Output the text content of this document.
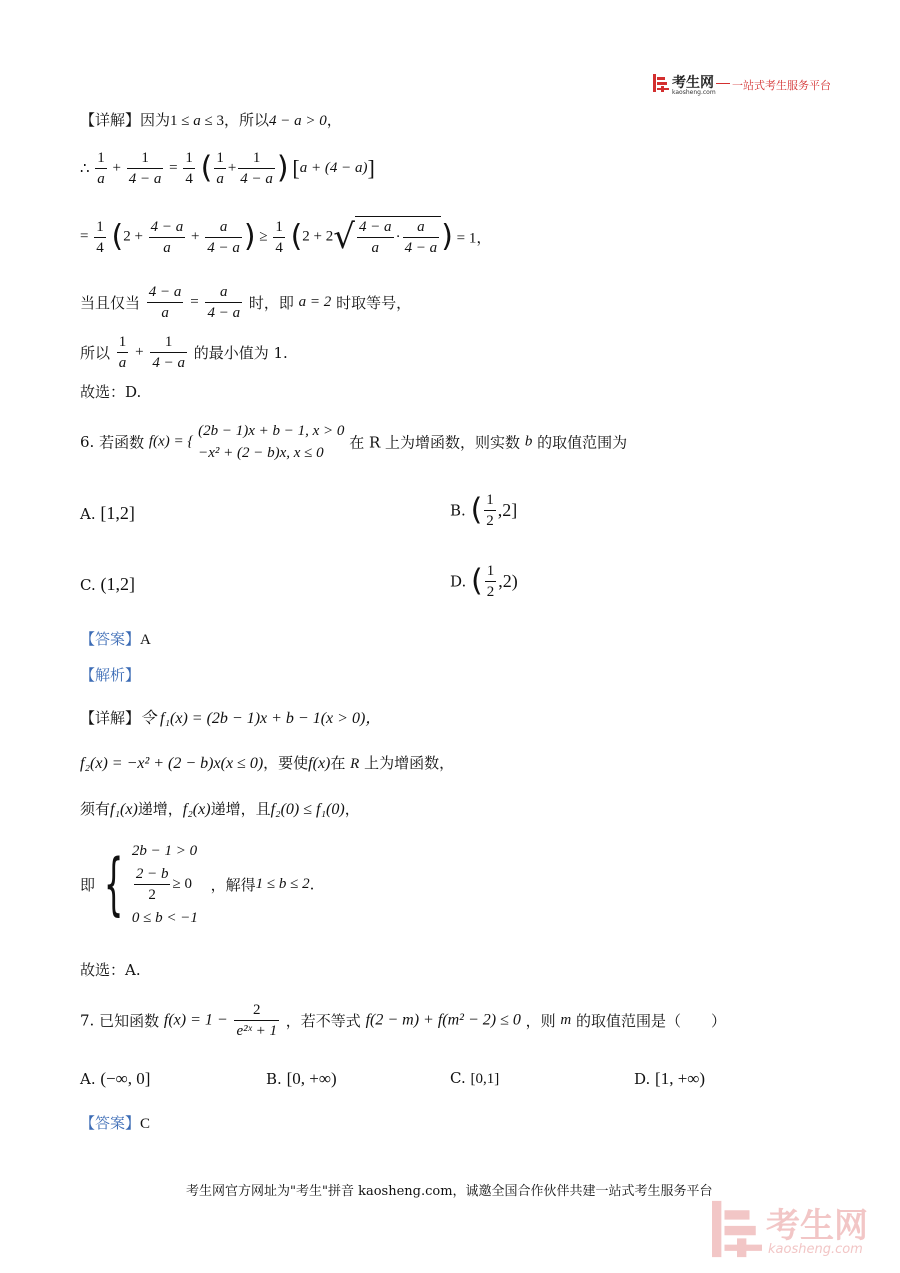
考生网
kaosheng.com
一站式考生服务平台
【详解】因为1 ≤ a ≤ 3，所以4 − a > 0，
∴ $\frac{1}{a} + \frac{1}{4 - a} = \frac{1}{4}$ ( $\frac{1}{a} + \frac{1}{4 - a}$ ) [a + (4 − a)]
= $\frac{1}{4} (2 + \frac{4 - a}{a} + \frac{a}{4 - a}$ ) ≥ $\frac{1}{4} (2 + 2√ \frac{4 - a}{a} \cdot \frac{a}{4 - a}$ ) = 1，
当且仅当 $\frac{4 - a}{a} = \frac{a}{4 - a}$ 时，即 a = 2 时取等号，
所以 $\frac{1}{a} + \frac{1}{4 - a}$ 的最小值为 1.
故选：D.
6. 若函数 f(x) = {
(2b − 1)x + b − 1, x > 0
−x² + (2 − b)x, x ≤ 0
在 R 上为增函数，则实数 b 的取值范围为
A. [1,2]	B. ( $\frac{1}{2} ,2$]
C. (1,2]	D. ( $\frac{1}{2} ,2$)
【答案】A
【解析】
【详解】令 f₁(x) = (2b − 1)x + b − 1(x > 0)，
f₂(x) = −x² + (2 − b)x(x ≤ 0)，要使f(x)在 R 上为增函数，
须有f₁(x)递增，f₂(x)递增，且f₂(0) ≤ f₁(0)，
即 { 2b − 1 > 0
$\frac{2 - b}{2} \ge 0$
0 ≤ b < −1
，解得1 ≤ b ≤ 2.
故选：A.
7. 已知函数 $f(x) = 1 - \frac{2}{\text{e²ˣ + 1}}$ ，若不等式 f(2 − m) + f(m² − 2) ≤ 0 ，则 m 的取值范围是（　　）
A. (−∞, 0]	B. [0, +∞)	C. [0,1]	D. [1, +∞)
【答案】C
考生网官方网址为"考生"拼音 kaosheng.com，诚邀全国合作伙伴共建一站式考生服务平台
考生网
kaosheng.com
